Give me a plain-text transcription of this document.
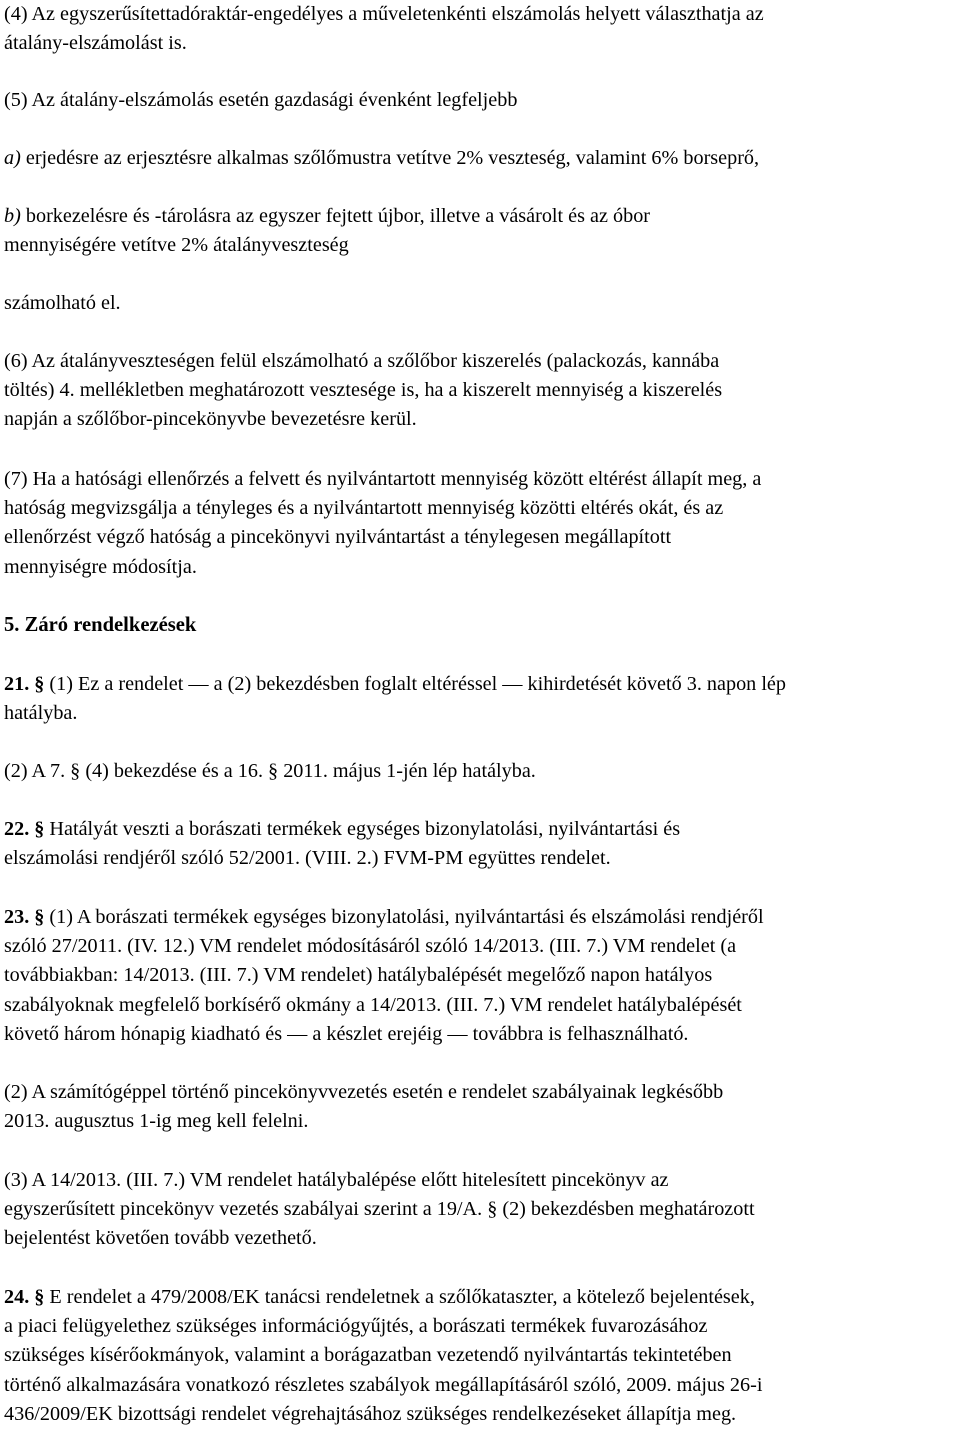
(4) Az egyszerűsítettadóraktár-engedélyes a műveletenkénti elszámolás helyett választhatja az
átalány-elszámolást is.
(5) Az átalány-elszámolás esetén gazdasági évenként legfeljebb
a) erjedésre az erjesztésre alkalmas szőlőmustra vetítve 2% veszteség, valamint 6% borseprő,
b) borkezelésre és -tárolásra az egyszer fejtett újbor, illetve a vásárolt és az óbor
mennyiségére vetítve 2% átalányveszteség
számolható el.
(6) Az átalányveszteségen felül elszámolható a szőlőbor kiszerelés (palackozás, kannába
töltés) 4. mellékletben meghatározott vesztesége is, ha a kiszerelt mennyiség a kiszerelés
napján a szőlőbor-pincekönyvbe bevezetésre kerül.
(7) Ha a hatósági ellenőrzés a felvett és nyilvántartott mennyiség között eltérést állapít meg, a
hatóság megvizsgálja a tényleges és a nyilvántartott mennyiség közötti eltérés okát, és az
ellenőrzést végző hatóság a pincekönyvi nyilvántartást a ténylegesen megállapított
mennyiségre módosítja.
5. Záró rendelkezések
21. § (1) Ez a rendelet — a (2) bekezdésben foglalt eltéréssel — kihirdetését követő 3. napon lép
hatályba.
(2) A 7. § (4) bekezdése és a 16. § 2011. május 1-jén lép hatályba.
22. § Hatályát veszti a borászati termékek egységes bizonylatolási, nyilvántartási és
elszámolási rendjéről szóló 52/2001. (VIII. 2.) FVM-PM együttes rendelet.
23. § (1) A borászati termékek egységes bizonylatolási, nyilvántartási és elszámolási rendjéről
szóló 27/2011. (IV. 12.) VM rendelet módosításáról szóló 14/2013. (III. 7.) VM rendelet (a
továbbiakban: 14/2013. (III. 7.) VM rendelet) hatálybalépését megelőző napon hatályos
szabályoknak megfelelő borkísérő okmány a 14/2013. (III. 7.) VM rendelet hatálybalépését
követő három hónapig kiadható és — a készlet erejéig — továbbra is felhasználható.
(2) A számítógéppel történő pincekönyvvezetés esetén e rendelet szabályainak legkésőbb
2013. augusztus 1-ig meg kell felelni.
(3) A 14/2013. (III. 7.) VM rendelet hatálybalépése előtt hitelesített pincekönyv az
egyszerűsített pincekönyv vezetés szabályai szerint a 19/A. § (2) bekezdésben meghatározott
bejelentést követően tovább vezethető.
24. § E rendelet a 479/2008/EK tanácsi rendeletnek a szőlőkataszter, a kötelező bejelentések,
a piaci felügyelethez szükséges információgyűjtés, a borászati termékek fuvarozásához
szükséges kísérőokmányok, valamint a borágazatban vezetendő nyilvántartás tekintetében
történő alkalmazására vonatkozó részletes szabályok megállapításáról szóló, 2009. május 26-i
436/2009/EK bizottsági rendelet végrehajtásához szükséges rendelkezéseket állapítja meg.
